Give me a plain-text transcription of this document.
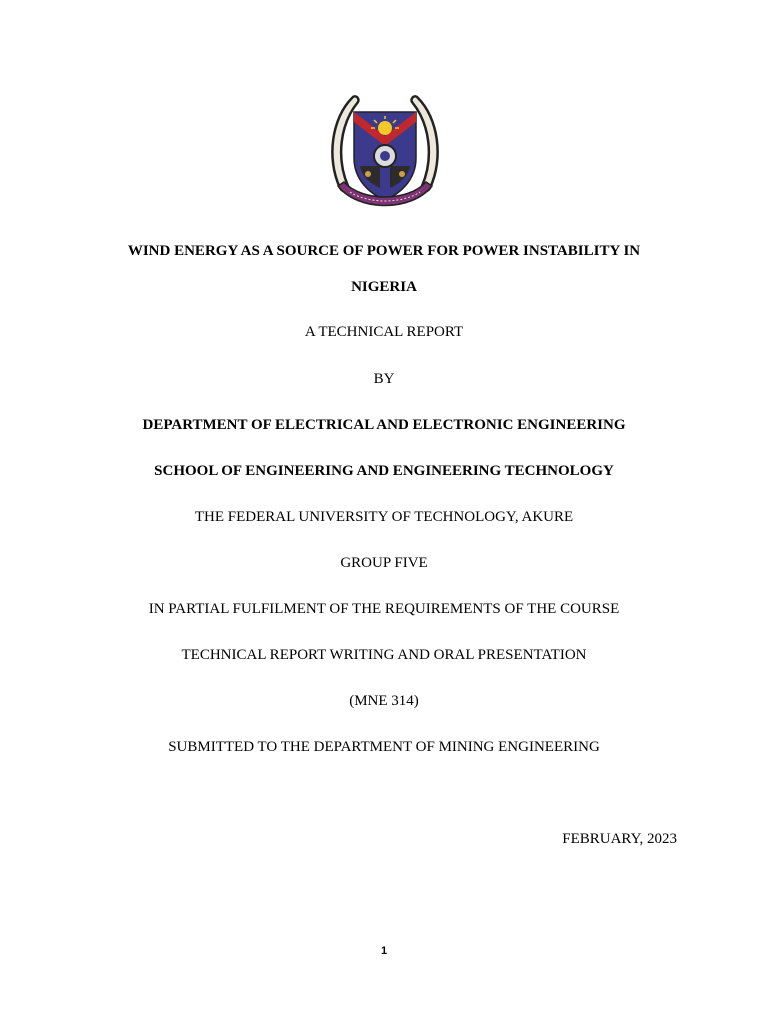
WIND ENERGY AS A SOURCE OF POWER FOR POWER INSTABILITY IN
NIGERIA
A TECHNICAL REPORT
BY
DEPARTMENT OF ELECTRICAL AND ELECTRONIC ENGINEERING
SCHOOL OF ENGINEERING AND ENGINEERING TECHNOLOGY
THE FEDERAL UNIVERSITY OF TECHNOLOGY, AKURE
GROUP FIVE
IN PARTIAL FULFILMENT OF THE REQUIREMENTS OF THE COURSE
TECHNICAL REPORT WRITING AND ORAL PRESENTATION
(MNE 314)
SUBMITTED TO THE DEPARTMENT OF MINING ENGINEERING
FEBRUARY, 2023
1
